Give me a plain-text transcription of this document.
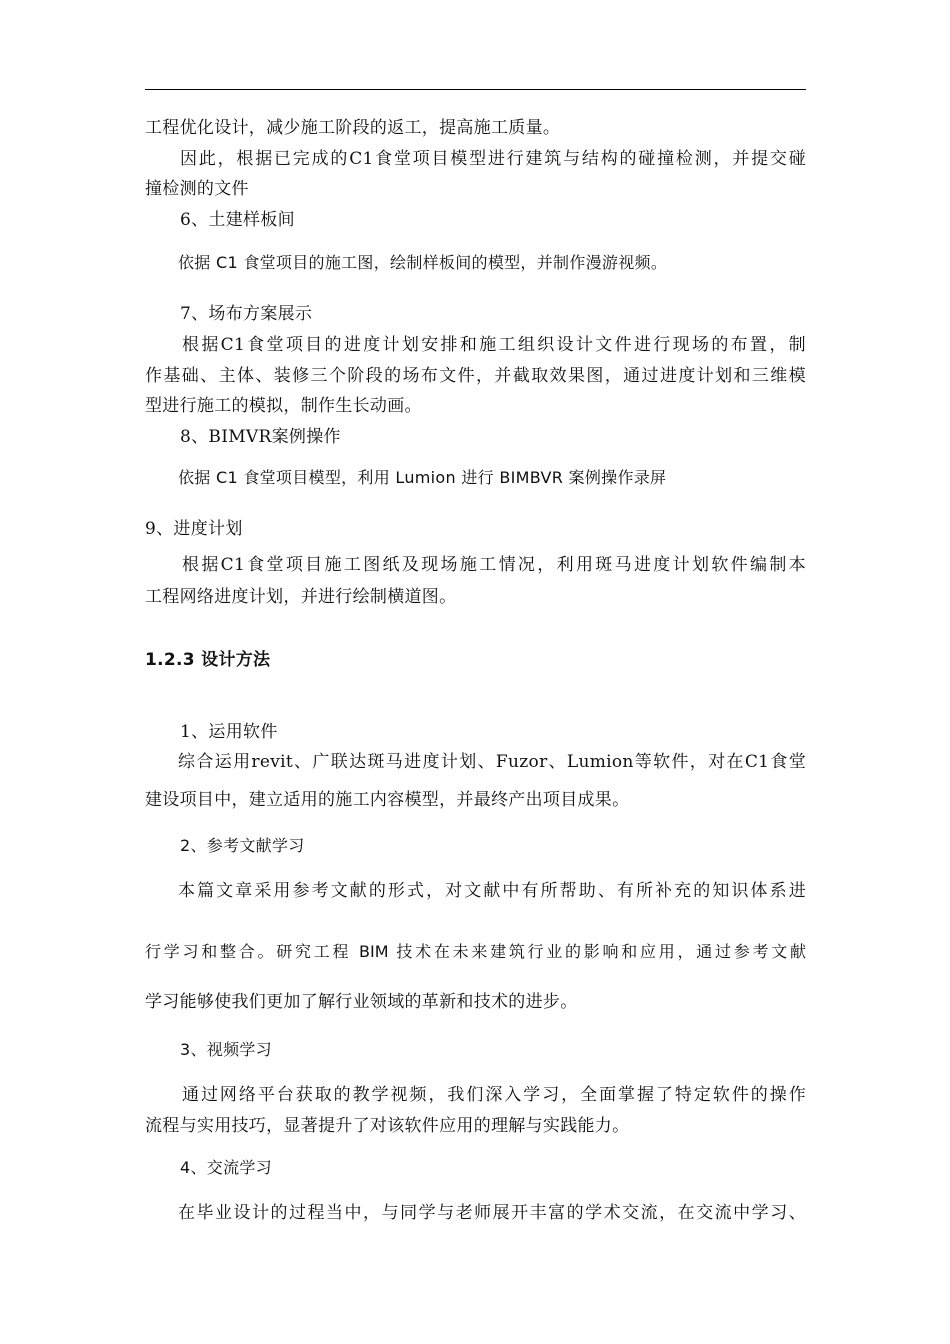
工程优化设计，减少施工阶段的返工，提高施工质量。
因此，根据已完成的C1食堂项目模型进行建筑与结构的碰撞检测，并提交碰
撞检测的文件
6、土建样板间
依据 C1 食堂项目的施工图，绘制样板间的模型，并制作漫游视频。
7、场布方案展示
根据C1食堂项目的进度计划安排和施工组织设计文件进行现场的布置，制
作基础、主体、装修三个阶段的场布文件，并截取效果图，通过进度计划和三维模
型进行施工的模拟，制作生长动画。
8、BIMVR案例操作
依据 C1 食堂项目模型，利用 Lumion 进行 BIMBVR 案例操作录屏
9、进度计划
根据C1食堂项目施工图纸及现场施工情况，利用斑马进度计划软件编制本
工程网络进度计划，并进行绘制横道图。
1.2.3 设计方法
1、运用软件
综合运用revit、广联达斑马进度计划、Fuzor、Lumion等软件，对在C1食堂
建设项目中，建立适用的施工内容模型，并最终产出项目成果。
2、参考文献学习
本篇文章采用参考文献的形式，对文献中有所帮助、有所补充的知识体系进
行学习和整合。研究工程 BIM 技术在未来建筑行业的影响和应用，通过参考文献
学习能够使我们更加了解行业领域的革新和技术的进步。
3、视频学习
通过网络平台获取的教学视频，我们深入学习，全面掌握了特定软件的操作
流程与实用技巧，显著提升了对该软件应用的理解与实践能力。
4、交流学习
在毕业设计的过程当中，与同学与老师展开丰富的学术交流，在交流中学习、
